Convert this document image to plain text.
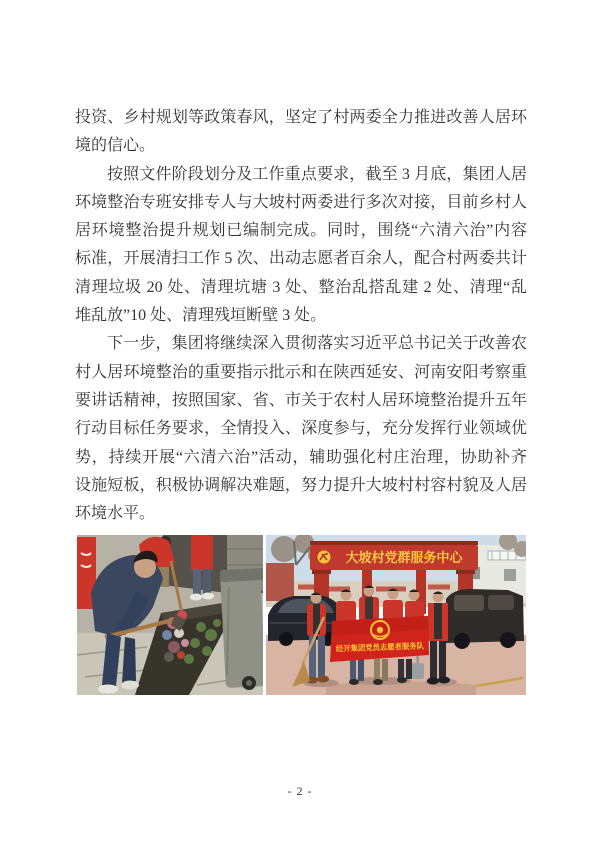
投资、乡村规划等政策春风，坚定了村两委全力推进改善人居环
境的信心。
按照文件阶段划分及工作重点要求，截至 3 月底，集团人居
环境整治专班安排专人与大坡村两委进行多次对接，目前乡村人
居环境整治提升规划已编制完成。同时，围绕“六清六治”内容
标准，开展清扫工作 5 次、出动志愿者百余人，配合村两委共计
清理垃圾 20 处、清理坑塘 3 处、整治乱搭乱建 2 处、清理“乱
堆乱放”10 处、清理残垣断壁 3 处。
下一步，集团将继续深入贯彻落实习近平总书记关于改善农
村人居环境整治的重要指示批示和在陕西延安、河南安阳考察重
要讲话精神，按照国家、省、市关于农村人居环境整治提升五年
行动目标任务要求，全情投入、深度参与，充分发挥行业领域优
势，持续开展“六清六治”活动，辅助强化村庄治理，协助补齐
设施短板，积极协调解决难题，努力提升大坡村村容村貌及人居
环境水平。
大坡村党群服务中心
经开集团党员志愿者服务队
- 2 -
